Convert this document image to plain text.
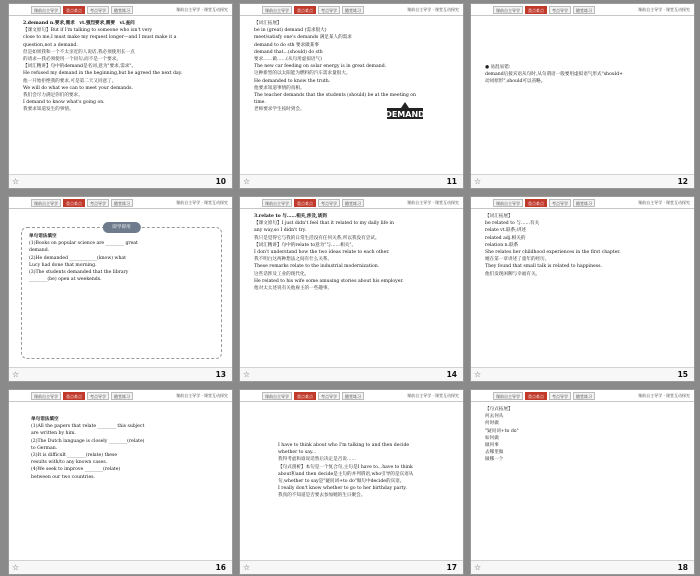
课前自主导学	重点难点	考点导学	随堂练习	课前自主导学 · 课堂互动探究

2.demand n.要求,需求　vt.强烈要求,需要　vi.查问

【课文原句】But if I'm talking to someone who isn't very

close to me,I must make my request longer—and I must make it a

question,not a demand.

但是如果我和一个不太亲近的人说话,我必须使用长一点

的请求—我必须使用一个问句,而不是一个要求。

【词汇精讲】句中的demand是名词,意为"要求,需求"。

He refused my demand in the beginning,but he agreed the next day.

他一开始拒绝我的要求,可是第二天又同意了。

We will do what we can to meet your demands.

我们会尽力满足你们的要求。

I demand to know what's going on.

我要求知道发生的事情。

☆	10
课前自主导学	重点难点	考点导学	随堂练习	课前自主导学 · 课堂互动探究

【词汇拓展】

be in (great) demand (需求很大)

meet/satisfy one's demands 满足某人的需求

demand to do sth 要求做某事

demand that...(should) do sth

要求……做……(从句用虚拟语气)

The new car feeding on solar energy is in great demand.

这种新型的以太阳能为燃料的汽车需求量很大。

He demanded to know the truth.

他要求知道事情的真相。

The teacher demands that the students (should) be at the meeting on

time.

老师要求学生按时到会。

DEMAND
☆	11
课前自主导学	重点难点	考点导学	随堂练习	课前自主导学 · 课堂互动探究

● 易混易错:

demand后接宾语从句时,从句谓语一般要用虚拟语气形式"should+

动词原形",should可以省略。

☆	12
课前自主导学	重点难点	考点导学	随堂练习	课前自主导学 · 课堂互动探究
即学即用

单句语法填空

(1)Books on popular science are ________ great

demand.

(2)He demanded ____________(know) what

Lucy had done that morning.

(3)The students demanded that the library

________(be) open at weekends.

☆	13
课前自主导学	重点难点	考点导学	随堂练习	课前自主导学 · 课堂互动探究

3.relate to 与……相关,涉及,谈到

【课文原句】I just didn't feel that it related to my daily life in

any way,so I didn't try.

我只是觉得它与我的日常生活没有任何关系,所以我没有尝试。

【词汇精讲】句中的relate to意为"与……相关"。

I don't understand how the two ideas relate to each other.

我不明白这两种想法之间有什么关系。

These remarks relate to the industrial modernization.

这些话涉及工业的现代化。

He related to his wife some amusing stories about his employer.

他对太太述说有关他雇主的一些趣事。

☆	14
课前自主导学	重点难点	考点导学	随堂练习	课前自主导学 · 课堂互动探究

【词汇拓展】

be related to 与……有关

relate vt.联系;讲述

related adj.相关的

relation n.联系

She relates her childhood experiences in the first chapter.

她在第一章讲述了童年的经历。

They found that small talk is related to happiness.

他们发现闲聊与幸福有关。

☆	15
课前自主导学	重点难点	考点导学	随堂练习	课前自主导学 · 课堂互动探究

单句语法填空

(1)All the papers that relate ________ this subject

are written by him.

(2)The Dutch language is closely ________(relate)

to German.

(3)It is difficult ________(relate) these

results with/to any known cases.

(4)We seek to improve ________(relate)

between our two countries.

☆	16
课前自主导学	重点难点	考点导学	随堂练习	课前自主导学 · 课堂互动探究

I have to think about who I'm talking to and then decide

whether to say...

我得考虑和谁说话然后决定是否说……

【句式剖析】本句是一个复合句,主句是I have to...have to think

about和and then decide是主句的并列谓语,who引导的是宾语从

句,whether to say是"疑问词+to do"做句中decide的宾语。

I really don't know whether to go to her birthday party.

我真的不知道是否要去参加她的生日聚会。

☆	17
课前自主导学	重点难点	考点导学	随堂练习	课前自主导学 · 课堂互动探究

【句式拓展】

何去何从

何时做

"疑问词+to do"

如何做

做何事

去哪里做

做哪一个

☆	18
